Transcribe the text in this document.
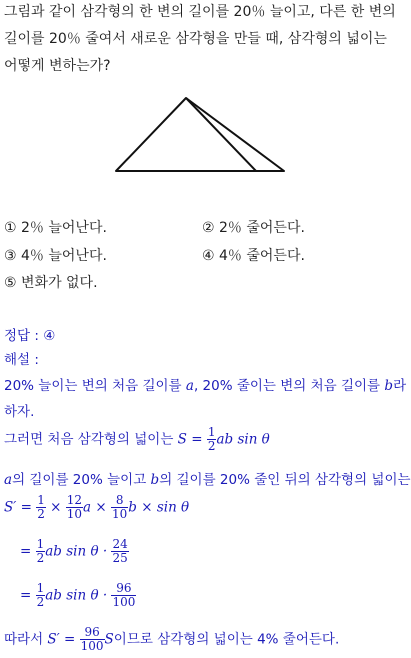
그림과 같이 삼각형의 한 변의 길이를 20％ 늘이고, 다른 한 변의
길이를 20％ 줄여서 새로운 삼각형을 만들 때, 삼각형의 넓이는
어떻게 변하는가?
① 2％ 늘어난다.	② 2％ 줄어든다.
③ 4％ 늘어난다.	④ 4％ 줄어든다.
⑤ 변화가 없다.
정답 : ④
해설 :
20% 늘이는 변의 처음 길이를 a, 20% 줄이는 변의 처음 길이를 b라
하자.
그러면 처음 삼각형의 넓이는 $S = \frac{1}{2}$ ab sin θ
a의 길이를 20% 늘이고 b의 길이를 20% 줄인 뒤의 삼각형의 넓이는
$S' = \frac{1}{2} \times \frac{12}{10}$ $a \times \frac{8}{10}$ b × sin θ
= $\frac{1}{2}$ ab $\sin \theta \cdot \frac{24}{25}$
= $\frac{1}{2}$ ab $\sin \theta \cdot \frac{96}{100}$
따라서 $S' = \frac{96}{100}$ S이므로 삼각형의 넓이는 4% 줄어든다.
